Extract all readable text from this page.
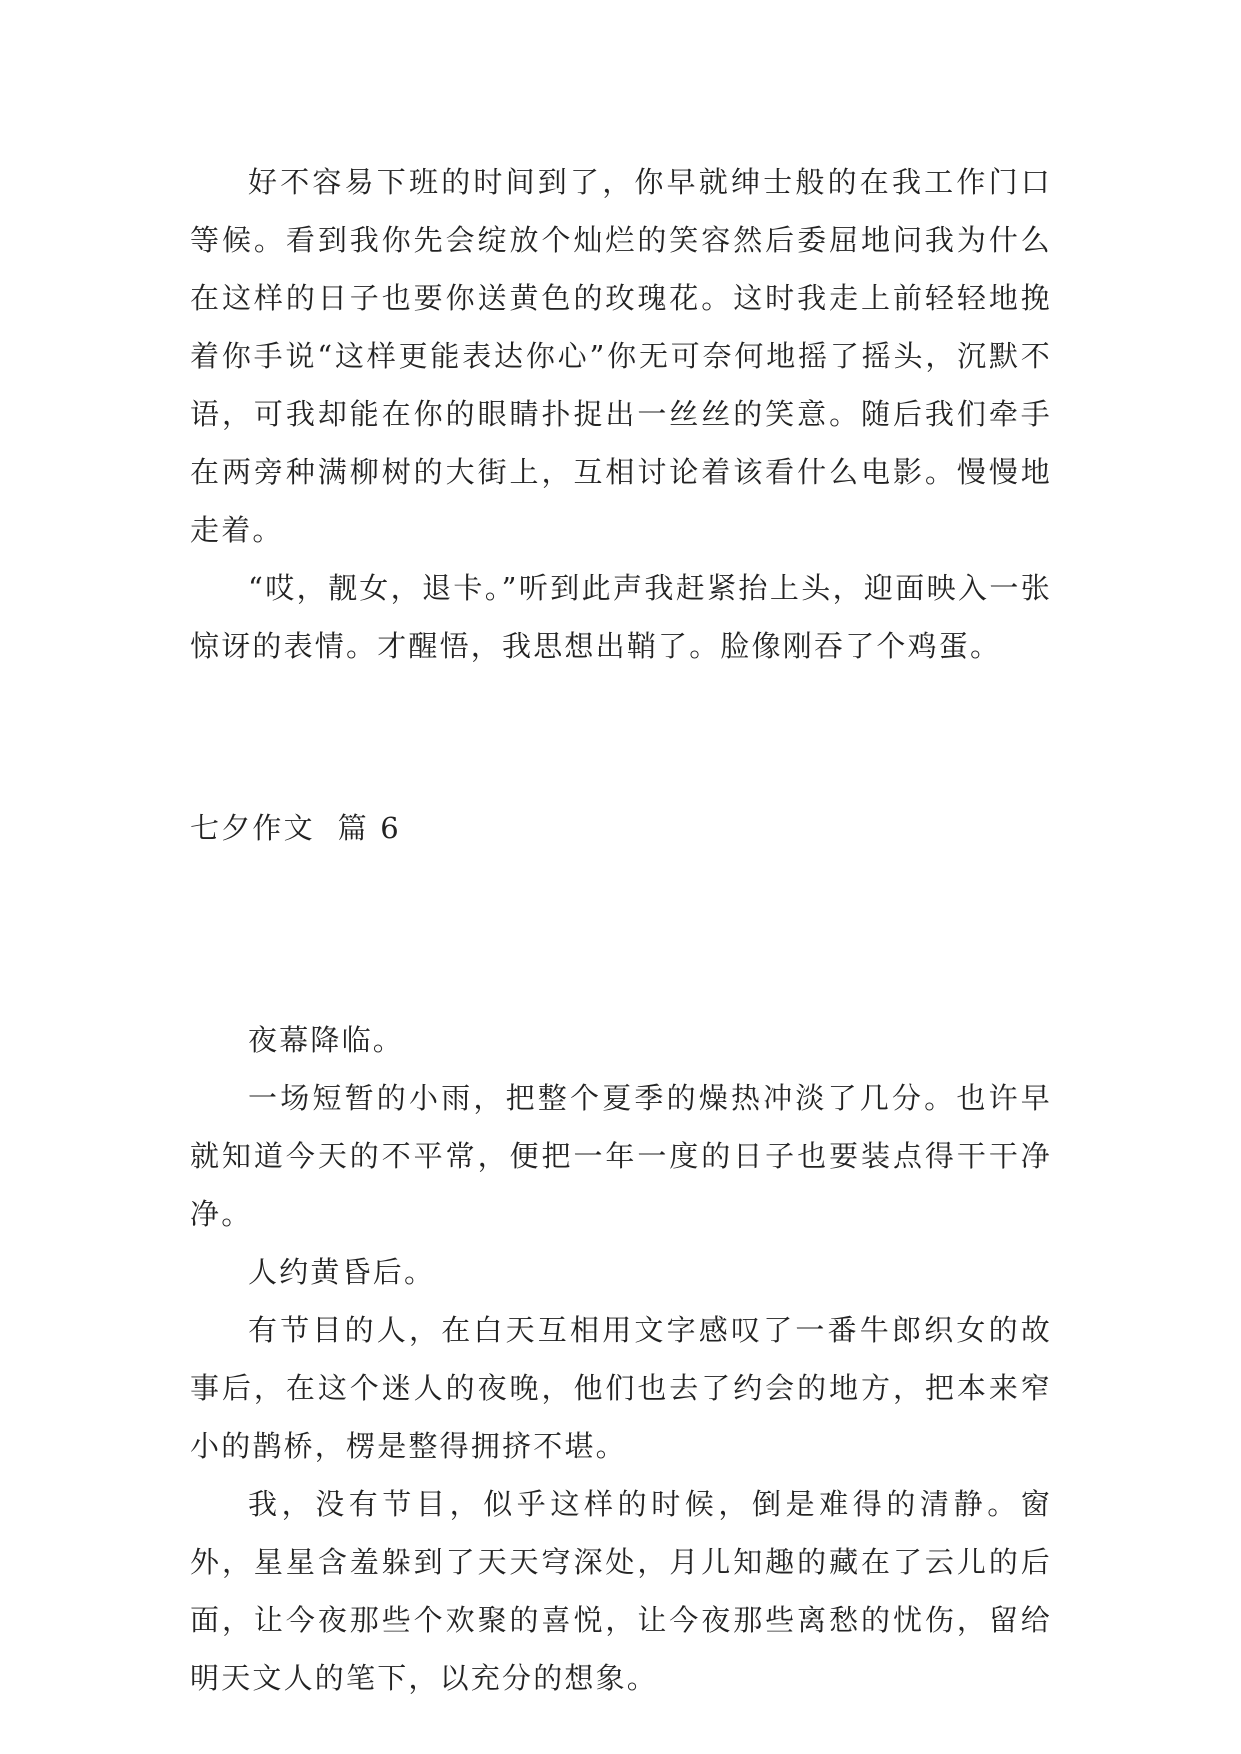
好不容易下班的时间到了，你早就绅士般的在我工作门口等候。看到我你先会绽放个灿烂的笑容然后委屈地问我为什么在这样的日子也要你送黄色的玫瑰花。这时我走上前轻轻地挽着你手说“这样更能表达你心”你无可奈何地摇了摇头，沉默不语，可我却能在你的眼睛扑捉出一丝丝的笑意。随后我们牵手在两旁种满柳树的大街上，互相讨论着该看什么电影。慢慢地走着。

“哎，靓女，退卡。”听到此声我赶紧抬上头，迎面映入一张惊讶的表情。才醒悟，我思想出鞘了。脸像刚吞了个鸡蛋。

七夕作文 篇 6

夜幕降临。

一场短暂的小雨，把整个夏季的燥热冲淡了几分。也许早就知道今天的不平常，便把一年一度的日子也要装点得干干净净。

人约黄昏后。

有节目的人，在白天互相用文字感叹了一番牛郎织女的故事后，在这个迷人的夜晚，他们也去了约会的地方，把本来窄小的鹊桥，楞是整得拥挤不堪。

我，没有节目，似乎这样的时候，倒是难得的清静。窗外，星星含羞躲到了天天穹深处，月儿知趣的藏在了云儿的后面，让今夜那些个欢聚的喜悦，让今夜那些离愁的忧伤，留给明天文人的笔下，以充分的想象。
